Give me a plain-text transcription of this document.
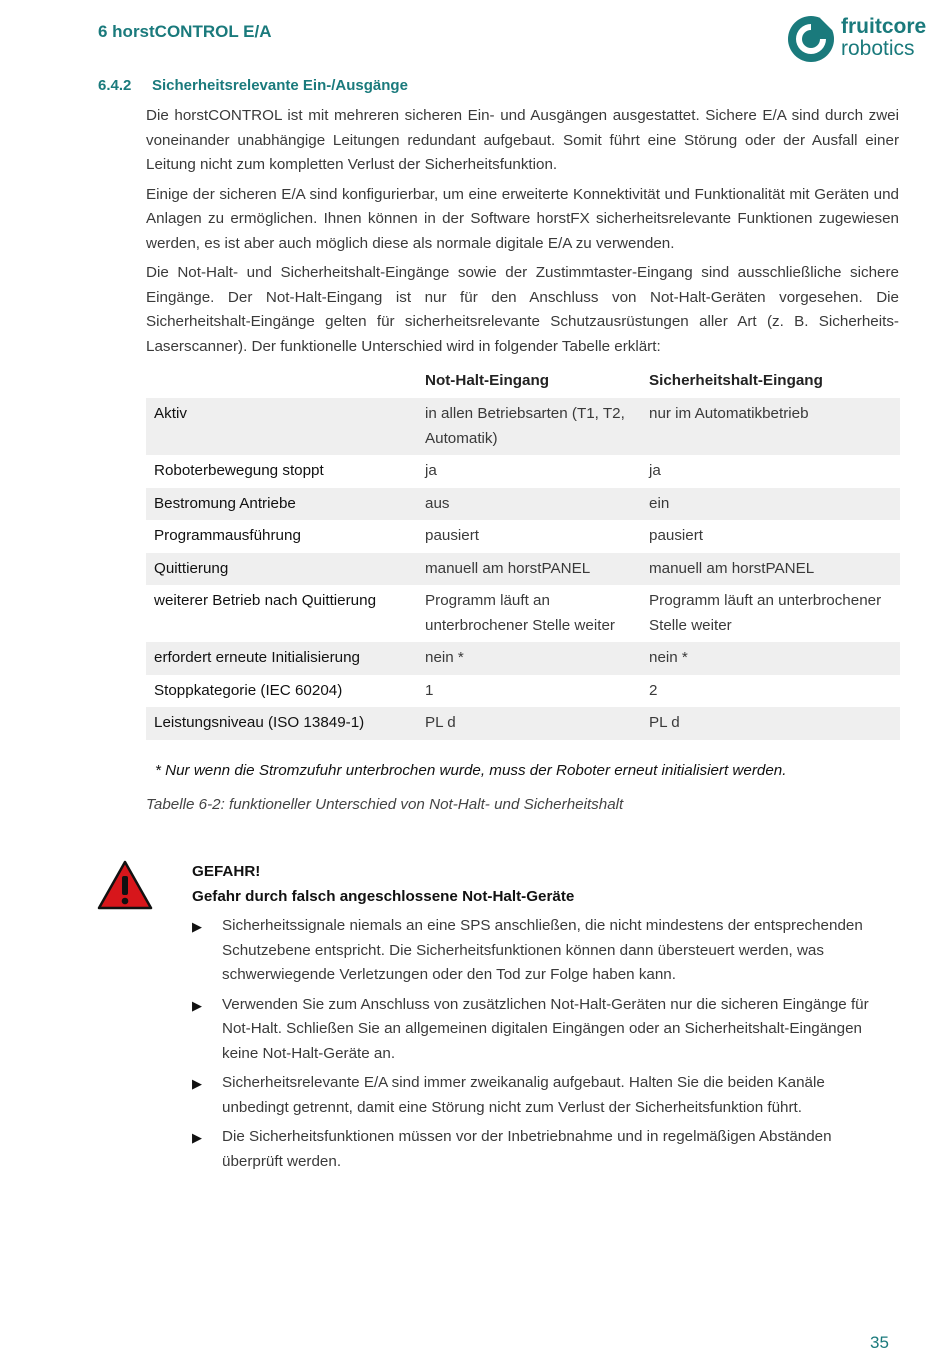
6 horstCONTROL E/A	fruitcore
robotics
6.4.2 Sicherheitsrelevante Ein-/Ausgänge

Die horstCONTROL ist mit mehreren sicheren Ein- und Ausgängen ausgestattet. Sichere E/A sind durch zwei voneinander unabhängige Leitungen redundant aufgebaut. Somit führt eine Störung oder der Ausfall einer Leitung nicht zum kompletten Verlust der Sicherheitsfunktion.

Einige der sicheren E/A sind konfigurierbar, um eine erweiterte Konnektivität und Funktionalität mit Geräten und Anlagen zu ermöglichen. Ihnen können in der Software horstFX sicherheitsrelevante Funktionen zugewiesen werden, es ist aber auch möglich diese als normale digitale E/A zu verwenden.

Die Not-Halt- und Sicherheitshalt-Eingänge sowie der Zustimmtaster-Eingang sind ausschließliche sichere Eingänge. Der Not-Halt-Eingang ist nur für den Anschluss von Not-Halt-Geräten vorgesehen. Die Sicherheitshalt-Eingänge gelten für sicherheitsrelevante Schutzausrüstungen aller Art (z. B. Sicherheits-Laserscanner). Der funktionelle Unterschied wird in folgender Tabelle erklärt:

	Not-Halt-Eingang	Sicherheitshalt-Eingang
Aktiv	in allen Betriebsarten (T1, T2, Automatik)	nur im Automatikbetrieb
Roboterbewegung stoppt	ja	ja
Bestromung Antriebe	aus	ein
Programmausführung	pausiert	pausiert
Quittierung	manuell am horstPANEL	manuell am horstPANEL
weiterer Betrieb nach Quittierung	Programm läuft an unterbrochener Stelle weiter	Programm läuft an unterbrochener Stelle weiter
erfordert erneute Initialisierung	nein *	nein *
Stoppkategorie (IEC 60204)	1	2
Leistungsniveau (ISO 13849-1)	PL d	PL d
* Nur wenn die Stromzufuhr unterbrochen wurde, muss der Roboter erneut initialisiert werden.
Tabelle 6-2: funktioneller Unterschied von Not-Halt- und Sicherheitshalt
GEFAHR!
Gefahr durch falsch angeschlossene Not-Halt-Geräte
▶ Sicherheitssignale niemals an eine SPS anschließen, die nicht mindestens der entsprechenden Schutzebene entspricht. Die Sicherheitsfunktionen können dann übersteuert werden, was schwerwiegende Verletzungen oder den Tod zur Folge haben kann.
▶ Verwenden Sie zum Anschluss von zusätzlichen Not-Halt-Geräten nur die sicheren Eingänge für Not-Halt. Schließen Sie an allgemeinen digitalen Eingängen oder an Sicherheitshalt-Eingängen keine Not-Halt-Geräte an.
▶ Sicherheitsrelevante E/A sind immer zweikanalig aufgebaut. Halten Sie die beiden Kanäle unbedingt getrennt, damit eine Störung nicht zum Verlust der Sicherheitsfunktion führt.
▶ Die Sicherheitsfunktionen müssen vor der Inbetriebnahme und in regelmäßigen Abständen überprüft werden.
35
